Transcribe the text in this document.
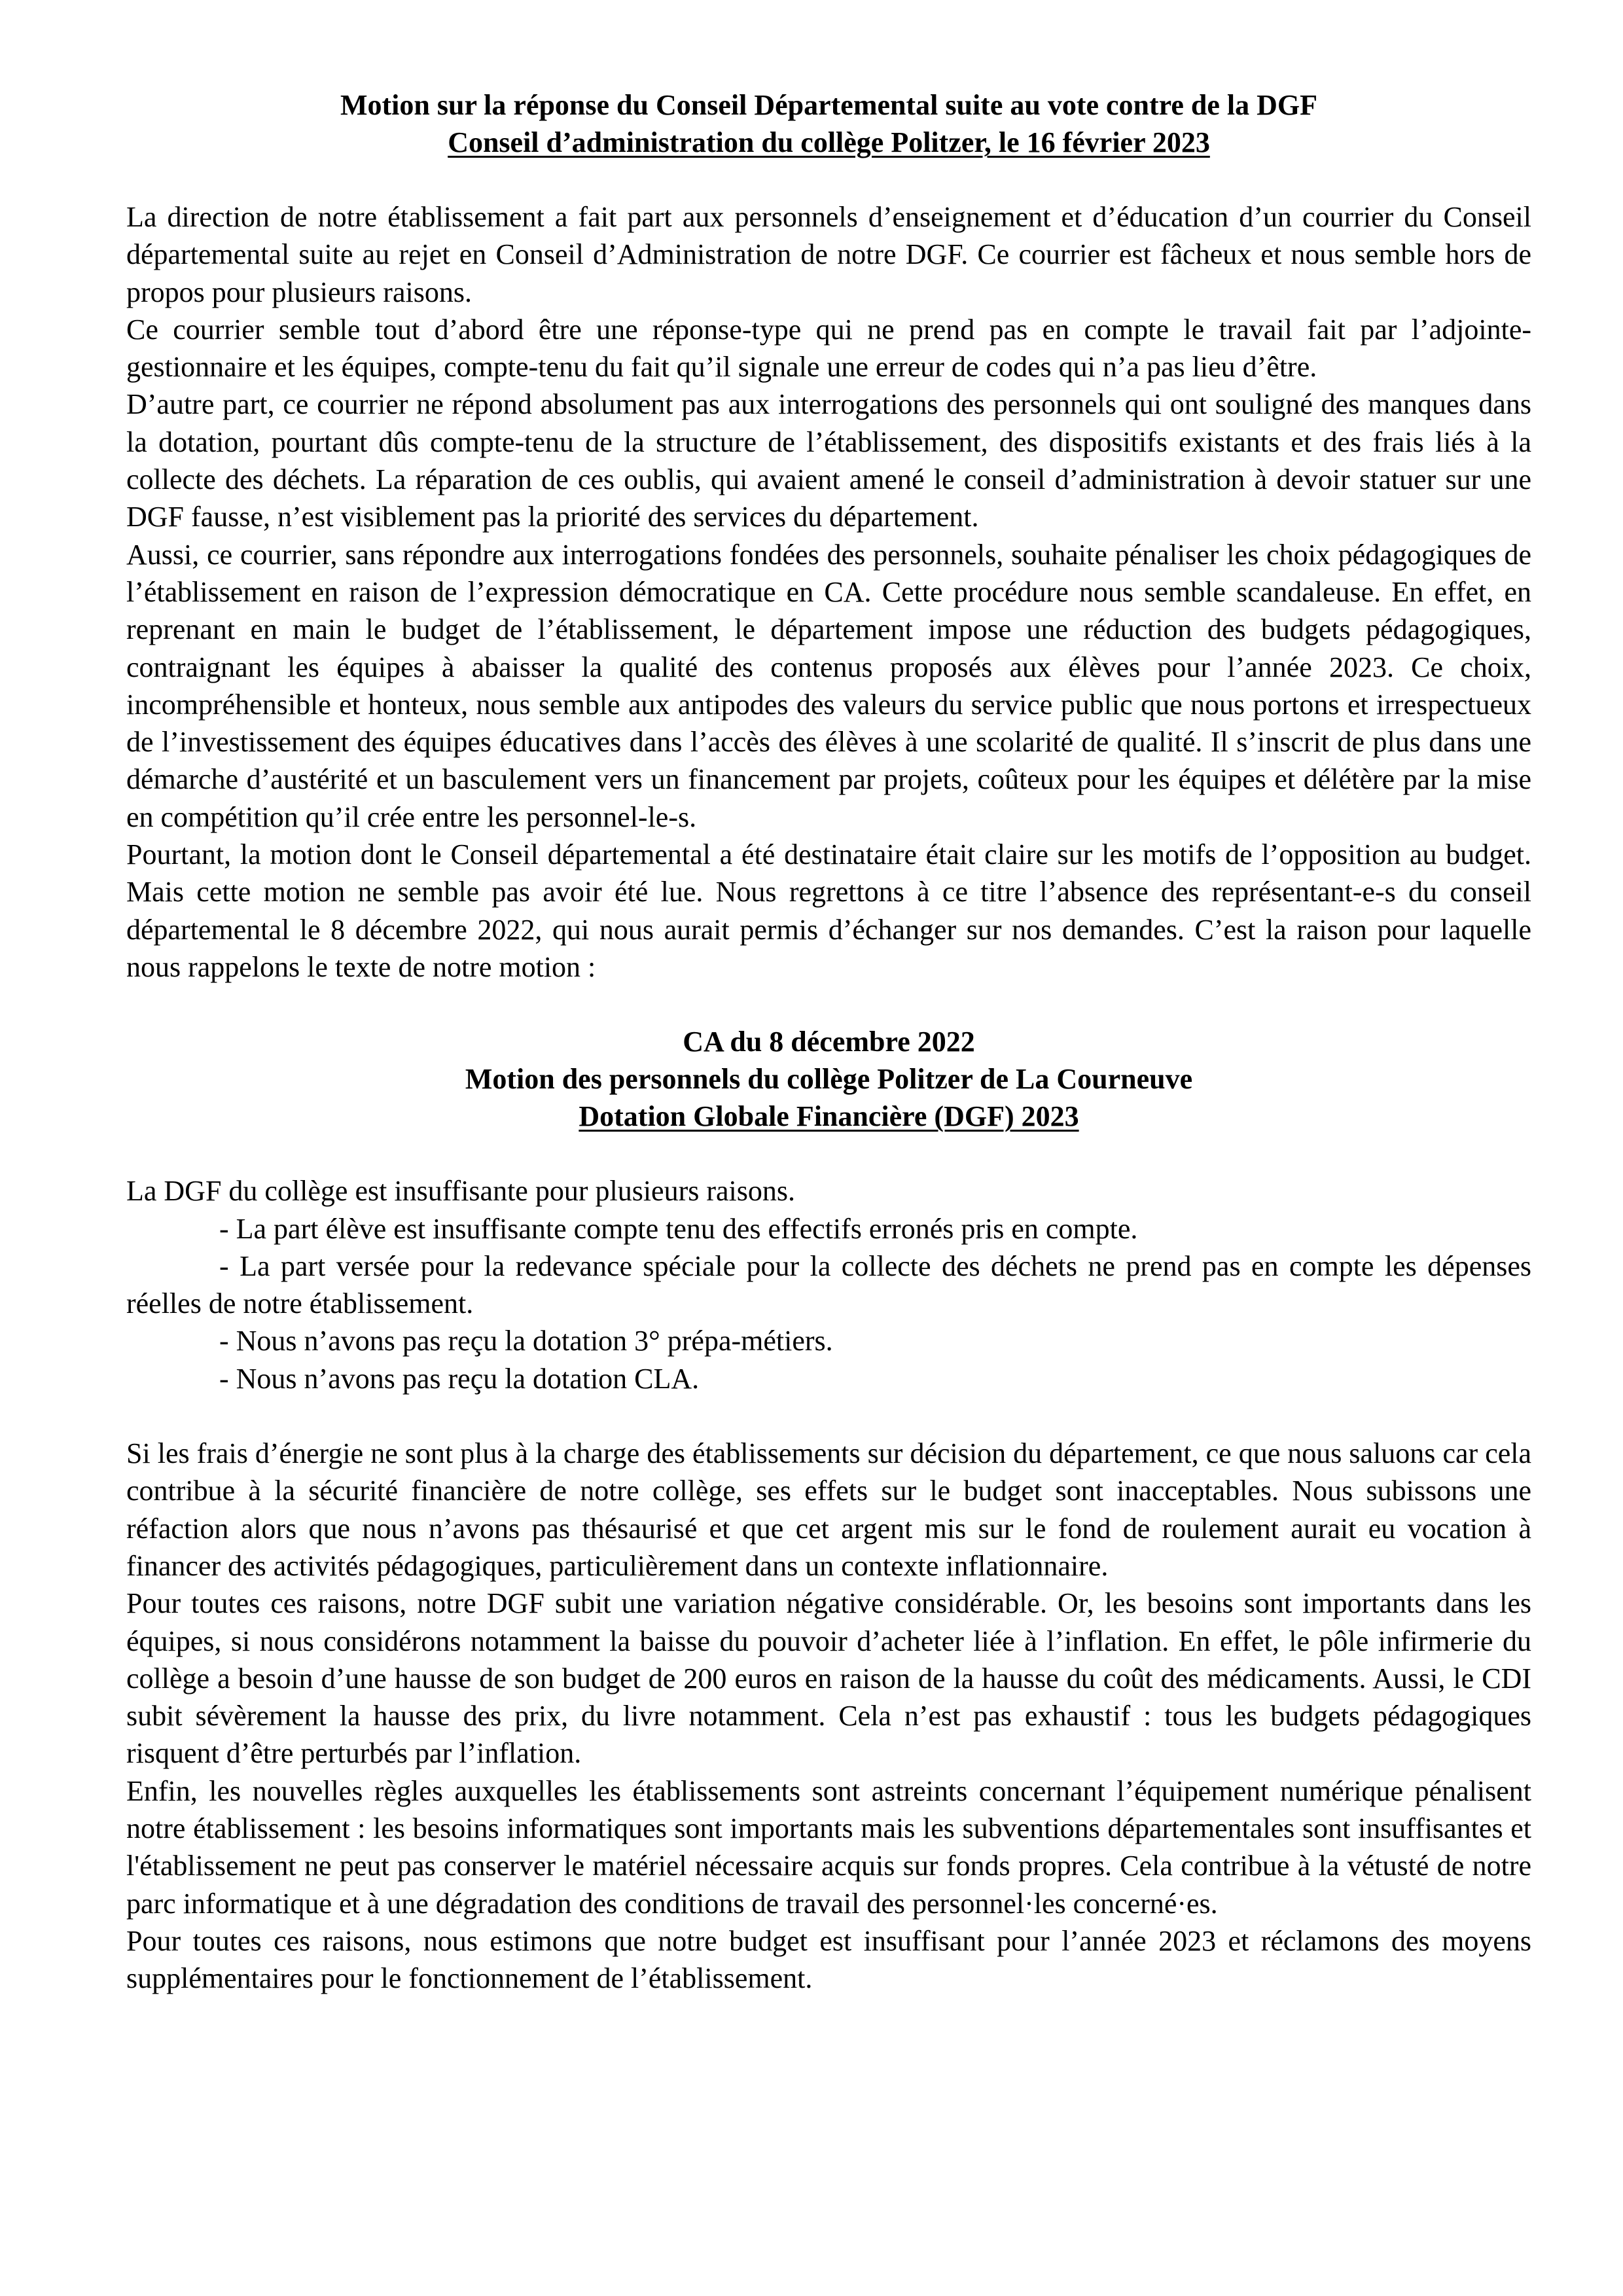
Motion sur la réponse du Conseil Départemental suite au vote contre de la DGF
Conseil d’administration du collège Politzer, le 16 février 2023

La direction de notre établissement a fait part aux personnels d’enseignement et d’éducation d’un courrier du Conseil départemental suite au rejet en Conseil d’Administration de notre DGF. Ce courrier est fâcheux et nous semble hors de propos pour plusieurs raisons.

Ce courrier semble tout d’abord être une réponse-type qui ne prend pas en compte le travail fait par l’adjointe-gestionnaire et les équipes, compte-tenu du fait qu’il signale une erreur de codes qui n’a pas lieu d’être.

D’autre part, ce courrier ne répond absolument pas aux interrogations des personnels qui ont souligné des manques dans la dotation, pourtant dûs compte-tenu de la structure de l’établissement, des dispositifs existants et des frais liés à la collecte des déchets. La réparation de ces oublis, qui avaient amené le conseil d’administration à devoir statuer sur une DGF fausse, n’est visiblement pas la priorité des services du département.

Aussi, ce courrier, sans répondre aux interrogations fondées des personnels, souhaite pénaliser les choix pédagogiques de l’établissement en raison de l’expression démocratique en CA. Cette procédure nous semble scandaleuse. En effet, en reprenant en main le budget de l’établissement, le département impose une réduction des budgets pédagogiques, contraignant les équipes à abaisser la qualité des contenus proposés aux élèves pour l’année 2023. Ce choix, incompréhensible et honteux, nous semble aux antipodes des valeurs du service public que nous portons et irrespectueux de l’investissement des équipes éducatives dans l’accès des élèves à une scolarité de qualité. Il s’inscrit de plus dans une démarche d’austérité et un basculement vers un financement par projets, coûteux pour les équipes et délétère par la mise en compétition qu’il crée entre les personnel-le-s.

Pourtant, la motion dont le Conseil départemental a été destinataire était claire sur les motifs de l’opposition au budget. Mais cette motion ne semble pas avoir été lue. Nous regrettons à ce titre l’absence des représentant-e-s du conseil départemental le 8 décembre 2022, qui nous aurait permis d’échanger sur nos demandes. C’est la raison pour laquelle nous rappelons le texte de notre motion :

CA du 8 décembre 2022
Motion des personnels du collège Politzer de La Courneuve
Dotation Globale Financière (DGF) 2023

La DGF du collège est insuffisante pour plusieurs raisons.

- La part élève est insuffisante compte tenu des effectifs erronés pris en compte.

- La part versée pour la redevance spéciale pour la collecte des déchets ne prend pas en compte les dépenses réelles de notre établissement.

- Nous n’avons pas reçu la dotation 3° prépa-métiers.

- Nous n’avons pas reçu la dotation CLA.

Si les frais d’énergie ne sont plus à la charge des établissements sur décision du département, ce que nous saluons car cela contribue à la sécurité financière de notre collège, ses effets sur le budget sont inacceptables. Nous subissons une réfaction alors que nous n’avons pas thésaurisé et que cet argent mis sur le fond de roulement aurait eu vocation à financer des activités pédagogiques, particulièrement dans un contexte inflationnaire.

Pour toutes ces raisons, notre DGF subit une variation négative considérable. Or, les besoins sont importants dans les équipes, si nous considérons notamment la baisse du pouvoir d’acheter liée à l’inflation. En effet, le pôle infirmerie du collège a besoin d’une hausse de son budget de 200 euros en raison de la hausse du coût des médicaments. Aussi, le CDI subit sévèrement la hausse des prix, du livre notamment. Cela n’est pas exhaustif : tous les budgets pédagogiques risquent d’être perturbés par l’inflation.

Enfin, les nouvelles règles auxquelles les établissements sont astreints concernant l’équipement numérique pénalisent notre établissement : les besoins informatiques sont importants mais les subventions départementales sont insuffisantes et l'établissement ne peut pas conserver le matériel nécessaire acquis sur fonds propres. Cela contribue à la vétusté de notre parc informatique et à une dégradation des conditions de travail des personnel·les concerné·es.

Pour toutes ces raisons, nous estimons que notre budget est insuffisant pour l’année 2023 et réclamons des moyens supplémentaires pour le fonctionnement de l’établissement.
